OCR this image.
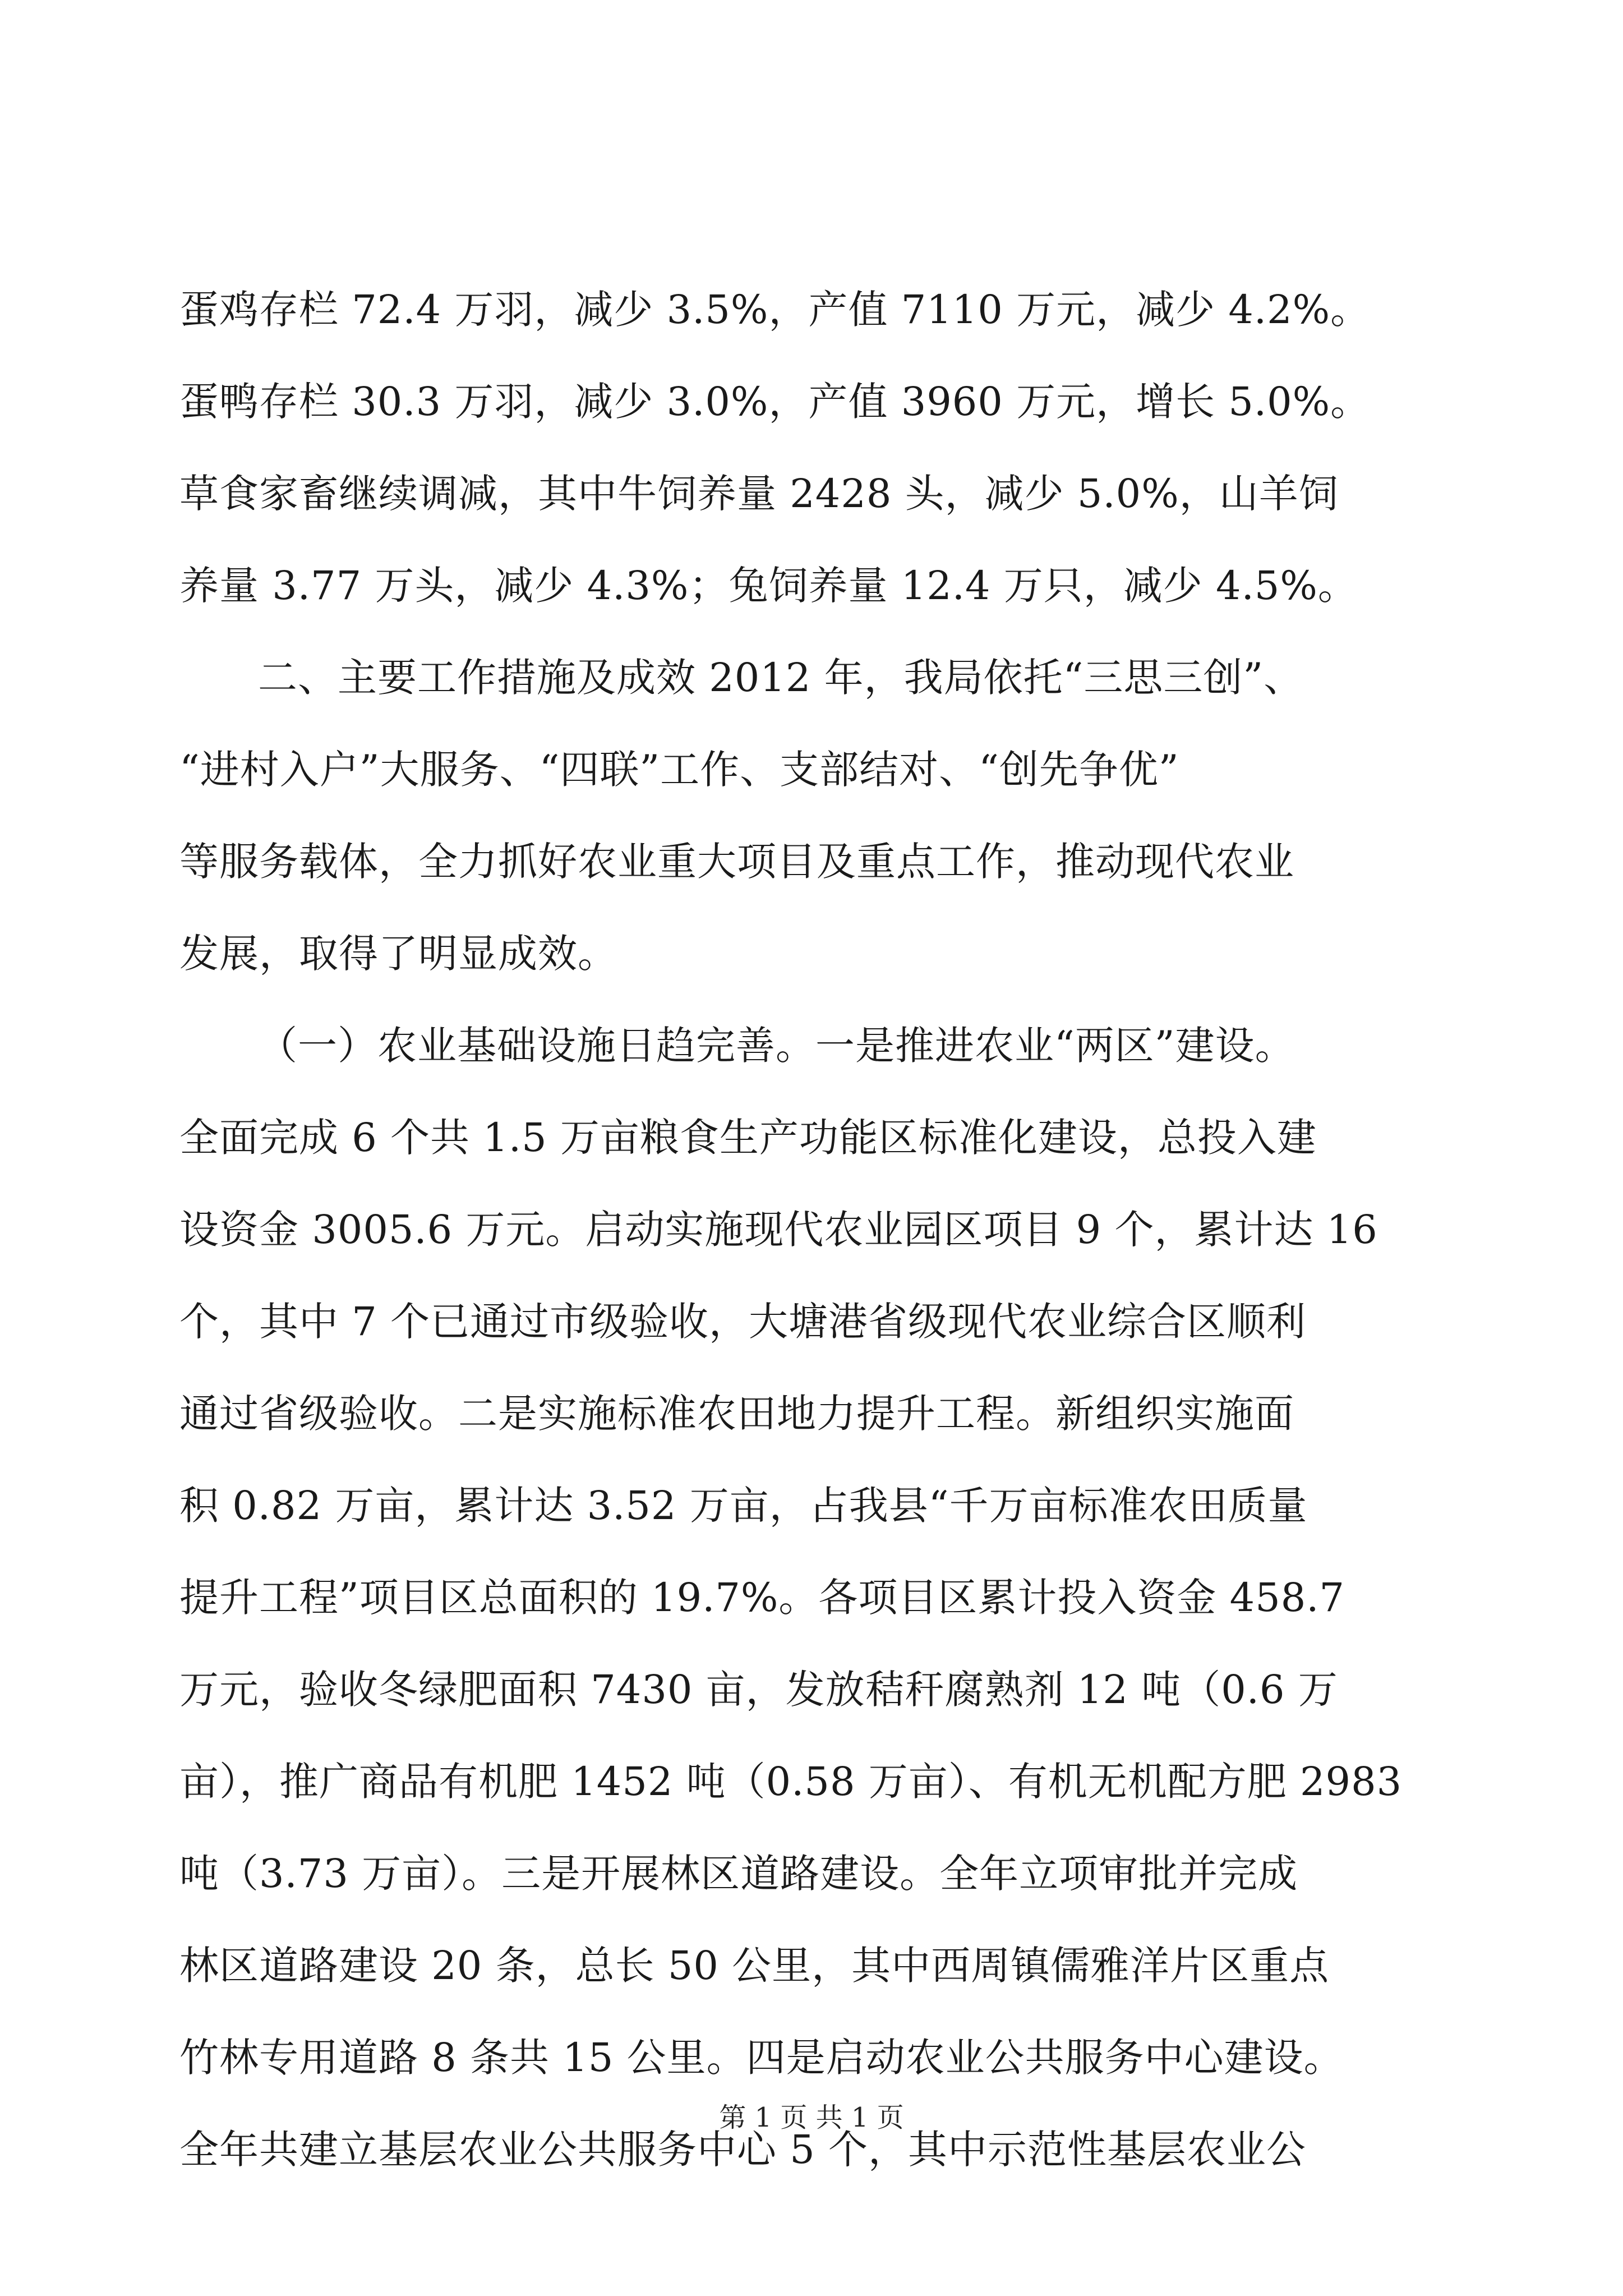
蛋鸡存栏 72.4 万羽，减少 3.5%，产值 7110 万元，减少 4.2%。
蛋鸭存栏 30.3 万羽，减少 3.0%，产值 3960 万元，增长 5.0%。
草食家畜继续调减，其中牛饲养量 2428 头，减少 5.0%，山羊饲
养量 3.77 万头，减少 4.3%；兔饲养量 12.4 万只，减少 4.5%。
二、主要工作措施及成效 2012 年，我局依托“三思三创”、
“进村入户”大服务、“四联”工作、支部结对、“创先争优”
等服务载体，全力抓好农业重大项目及重点工作，推动现代农业
发展，取得了明显成效。
（一）农业基础设施日趋完善。一是推进农业“两区”建设。
全面完成 6 个共 1.5 万亩粮食生产功能区标准化建设，总投入建
设资金 3005.6 万元。启动实施现代农业园区项目 9 个，累计达 16
个，其中 7 个已通过市级验收，大塘港省级现代农业综合区顺利
通过省级验收。二是实施标准农田地力提升工程。新组织实施面
积 0.82 万亩，累计达 3.52 万亩，占我县“千万亩标准农田质量
提升工程”项目区总面积的 19.7%。各项目区累计投入资金 458.7
万元，验收冬绿肥面积 7430 亩，发放秸秆腐熟剂 12 吨（0.6 万
亩），推广商品有机肥 1452 吨（0.58 万亩）、有机无机配方肥 2983
吨（3.73 万亩）。三是开展林区道路建设。全年立项审批并完成
林区道路建设 20 条，总长 50 公里，其中西周镇儒雅洋片区重点
竹林专用道路 8 条共 15 公里。四是启动农业公共服务中心建设。
全年共建立基层农业公共服务中心 5 个，其中示范性基层农业公
第 1 页 共 1 页
